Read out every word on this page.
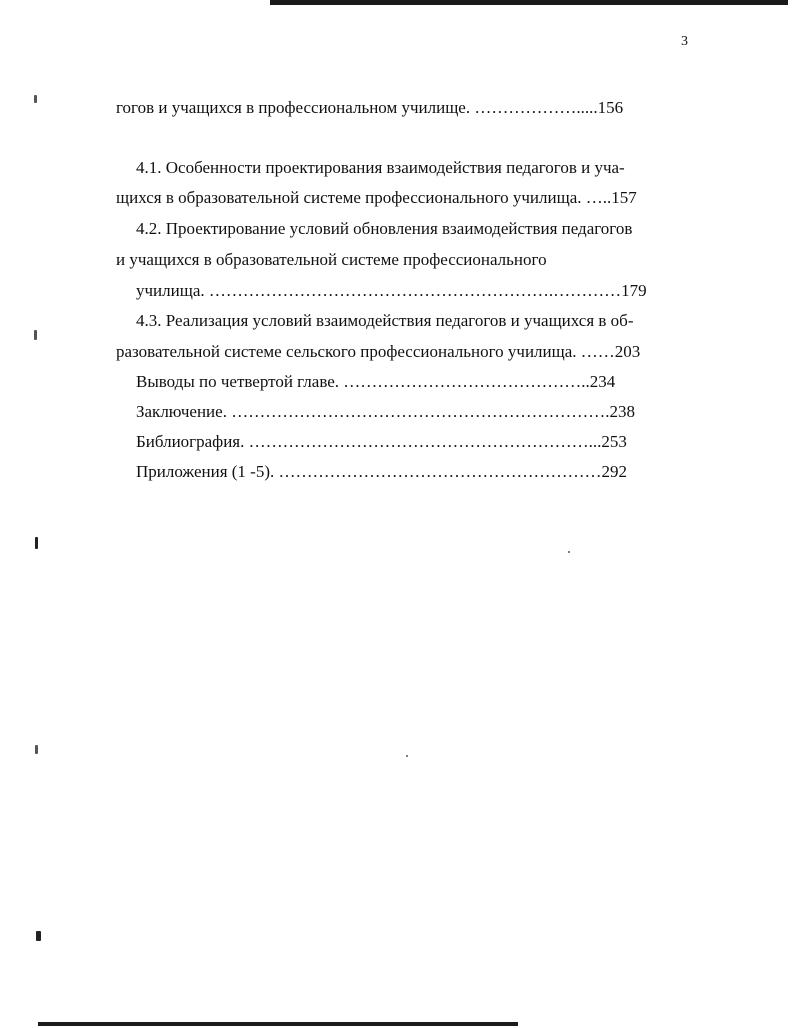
3
гогов и учащихся в профессиональном училище. ……………….....156
4.1. Особенности проектирования взаимодействия педагогов и уча-
щихся в образовательной системе профессионального училища. …..157
4.2. Проектирование условий обновления взаимодействия педагогов
и учащихся в образовательной системе профессионального
училища. …………………………………………………….…………179
4.3. Реализация условий взаимодействия педагогов и учащихся в об-
разовательной системе сельского профессионального училища. ……203
Выводы по четвертой главе. ……………………………………..234
Заключение. ………………………………………………………….238
Библиография. ……………………………………………………...253
Приложения (1 -5). …………………………………………………292
